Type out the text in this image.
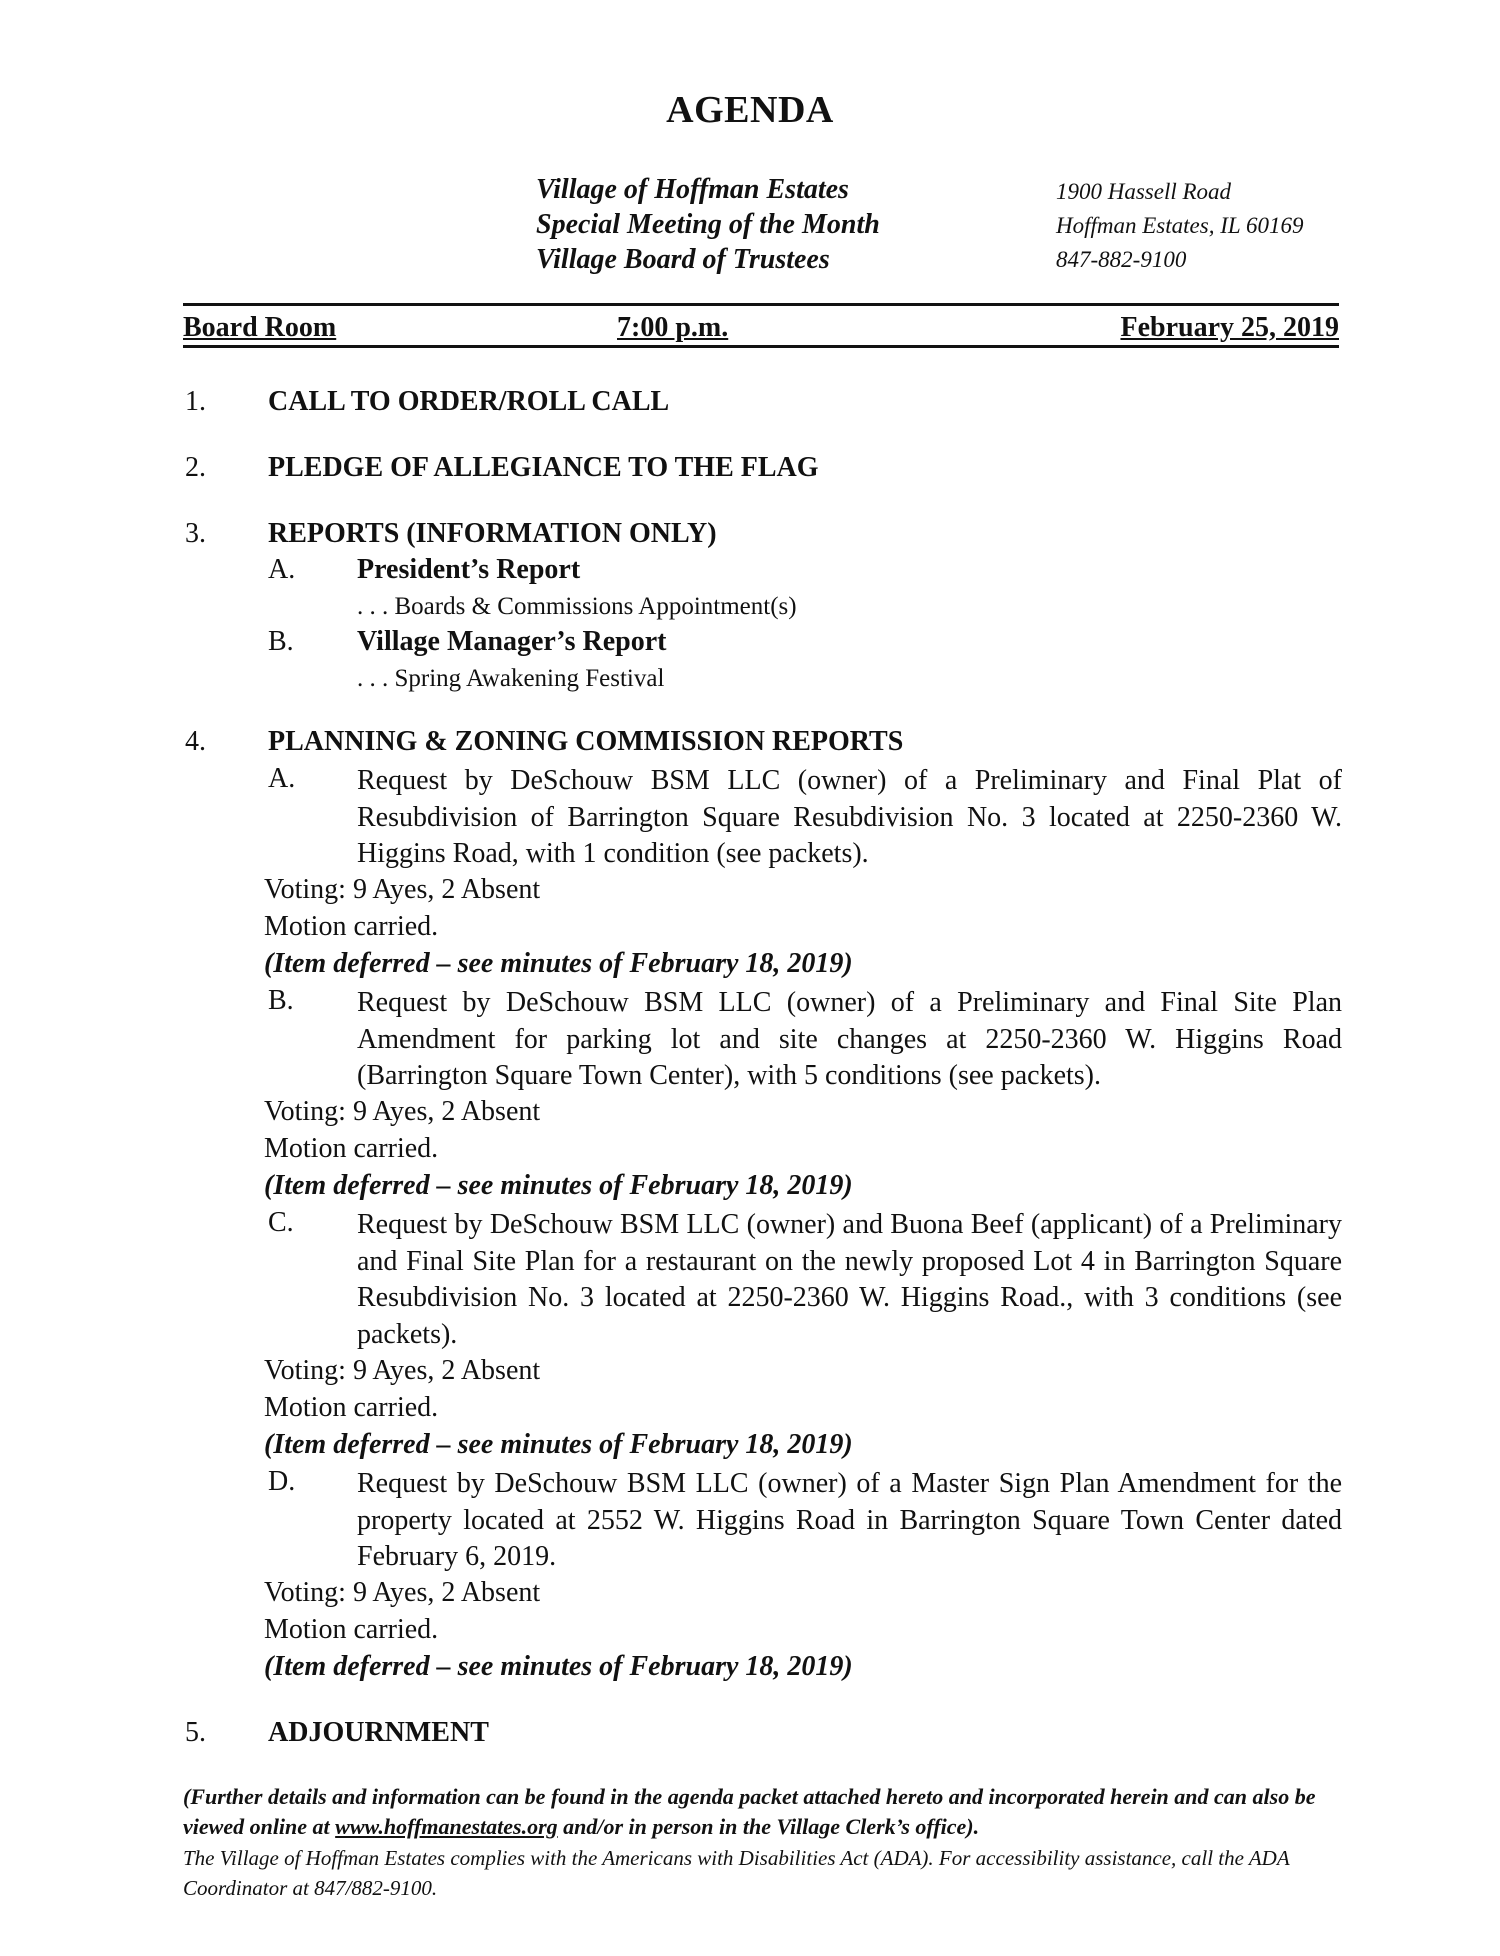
AGENDA
Village of Hoffman Estates
Special Meeting of the Month
Village Board of Trustees
1900 Hassell Road
Hoffman Estates, IL 60169
847-882-9100
Board Room	7:00 p.m.	February 25, 2019
1. CALL TO ORDER/ROLL CALL
2. PLEDGE OF ALLEGIANCE TO THE FLAG
3. REPORTS (INFORMATION ONLY)
A. President’s Report
. . . Boards & Commissions Appointment(s)
B. Village Manager’s Report
. . . Spring Awakening Festival
4. PLANNING & ZONING COMMISSION REPORTS
A. Request by DeSchouw BSM LLC (owner) of a Preliminary and Final Plat of Resubdivision of Barrington Square Resubdivision No. 3 located at 2250-2360 W. Higgins Road, with 1 condition (see packets).
Voting: 9 Ayes, 2 Absent
Motion carried.
(Item deferred – see minutes of February 18, 2019)
B. Request by DeSchouw BSM LLC (owner) of a Preliminary and Final Site Plan Amendment for parking lot and site changes at 2250-2360 W. Higgins Road (Barrington Square Town Center), with 5 conditions (see packets).
Voting: 9 Ayes, 2 Absent
Motion carried.
(Item deferred – see minutes of February 18, 2019)
C. Request by DeSchouw BSM LLC (owner) and Buona Beef (applicant) of a Preliminary and Final Site Plan for a restaurant on the newly proposed Lot 4 in Barrington Square Resubdivision No. 3 located at 2250-2360 W. Higgins Road., with 3 conditions (see packets).
Voting: 9 Ayes, 2 Absent
Motion carried.
(Item deferred – see minutes of February 18, 2019)
D. Request by DeSchouw BSM LLC (owner) of a Master Sign Plan Amendment for the property located at 2552 W. Higgins Road in Barrington Square Town Center dated February 6, 2019.
Voting: 9 Ayes, 2 Absent
Motion carried.
(Item deferred – see minutes of February 18, 2019)
5. ADJOURNMENT
(Further details and information can be found in the agenda packet attached hereto and incorporated herein and can also be viewed online at www.hoffmanestates.org and/or in person in the Village Clerk’s office).
The Village of Hoffman Estates complies with the Americans with Disabilities Act (ADA). For accessibility assistance, call the ADA Coordinator at 847/882-9100.
